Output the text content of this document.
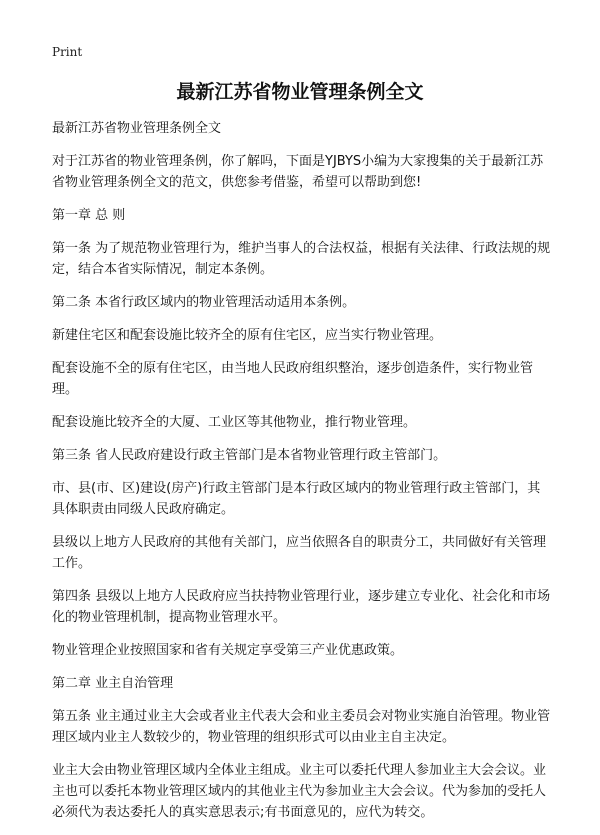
Print
最新江苏省物业管理条例全文

最新江苏省物业管理条例全文

对于江苏省的物业管理条例，你了解吗，下面是YJBYS小编为大家搜集的关于最新江苏省物业管理条例全文的范文，供您参考借鉴，希望可以帮助到您!

第一章 总 则

第一条 为了规范物业管理行为，维护当事人的合法权益，根据有关法律、行政法规的规定，结合本省实际情况，制定本条例。

第二条 本省行政区域内的物业管理活动适用本条例。

新建住宅区和配套设施比较齐全的原有住宅区，应当实行物业管理。

配套设施不全的原有住宅区，由当地人民政府组织整治，逐步创造条件，实行物业管理。

配套设施比较齐全的大厦、工业区等其他物业，推行物业管理。

第三条 省人民政府建设行政主管部门是本省物业管理行政主管部门。

市、县(市、区)建设(房产)行政主管部门是本行政区域内的物业管理行政主管部门，其具体职责由同级人民政府确定。

县级以上地方人民政府的其他有关部门，应当依照各自的职责分工，共同做好有关管理工作。

第四条 县级以上地方人民政府应当扶持物业管理行业，逐步建立专业化、社会化和市场化的物业管理机制，提高物业管理水平。

物业管理企业按照国家和省有关规定享受第三产业优惠政策。

第二章 业主自治管理

第五条 业主通过业主大会或者业主代表大会和业主委员会对物业实施自治管理。物业管理区域内业主人数较少的，物业管理的组织形式可以由业主自主决定。

业主大会由物业管理区域内全体业主组成。业主可以委托代理人参加业主大会会议。业主也可以委托本物业管理区域内的其他业主代为参加业主大会会议。代为参加的受托人必须代为表达委托人的真实意思表示;有书面意见的，应代为转交。
